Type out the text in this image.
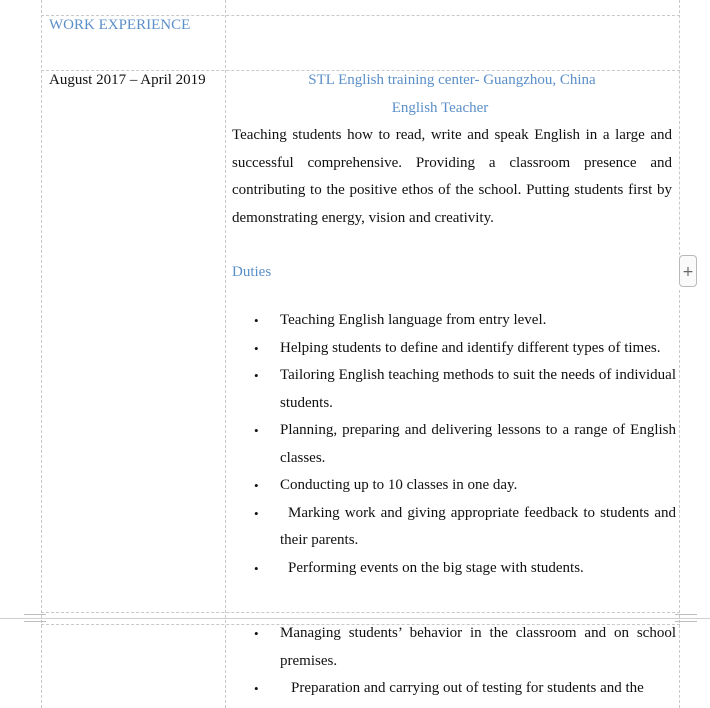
WORK EXPERIENCE
August 2017 – April 2019	STL English training center- Guangzhou, China
English Teacher
Teaching students how to read, write and speak English in a large and successful comprehensive. Providing a classroom presence and contributing to the positive ethos of the school. Putting students first by demonstrating energy, vision and creativity.
Duties
• Teaching English language from entry level.
• Helping students to define and identify different types of times.
• Tailoring English teaching methods to suit the needs of individual students.
• Planning, preparing and delivering lessons to a range of English classes.
• Conducting up to 10 classes in one day.
• Marking work and giving appropriate feedback to students and their parents.
• Performing events on the big stage with students.
• Managing students’ behavior in the classroom and on school premises.
• Preparation and carrying out of testing for students and the
+
